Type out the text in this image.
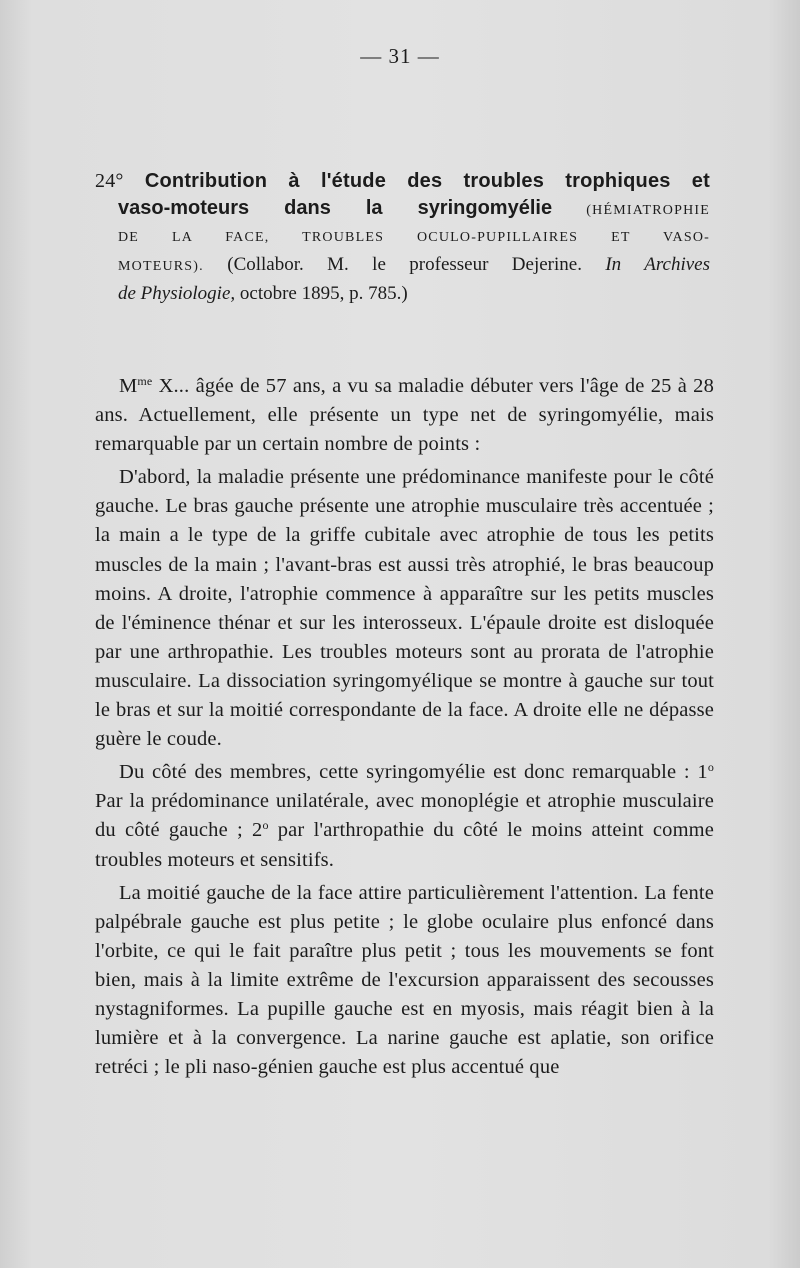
— 31 —
24° Contribution à l'étude des troubles trophiques et
vaso-moteurs dans la syringomyélie (HÉMIATROPHIE
DE LA FACE, TROUBLES OCULO-PUPILLAIRES ET VASO-
MOTEURS). (Collabor. M. le professeur Dejerine. In Archives
de Physiologie, octobre 1895, p. 785.)

$M^{me}$ X... âgée de 57 ans, a vu sa maladie débuter vers l'âge de 25 à 28 ans. Actuellement, elle présente un type net de syringomyélie, mais remarquable par un certain nombre de points :

D'abord, la maladie présente une prédominance manifeste pour le côté gauche. Le bras gauche présente une atrophie musculaire très accentuée ; la main a le type de la griffe cubitale avec atrophie de tous les petits muscles de la main ; l'avant-bras est aussi très atrophié, le bras beaucoup moins. A droite, l'atrophie commence à apparaître sur les petits muscles de l'éminence thénar et sur les interosseux. L'épaule droite est disloquée par une arthropathie. Les troubles moteurs sont au prorata de l'atrophie musculaire. La dissociation syringomyélique se montre à gauche sur tout le bras et sur la moitié correspondante de la face. A droite elle ne dépasse guère le coude.

Du côté des membres, cette syringomyélie est donc remarquable : 1$^o$ Par la prédominance unilatérale, avec monoplégie et atrophie musculaire du côté gauche ; 2$^o$ par l'arthropathie du côté le moins atteint comme troubles moteurs et sensitifs.

La moitié gauche de la face attire particulièrement l'attention. La fente palpébrale gauche est plus petite ; le globe oculaire plus enfoncé dans l'orbite, ce qui le fait paraître plus petit ; tous les mouvements se font bien, mais à la limite extrême de l'excursion apparaissent des secousses nystagniformes. La pupille gauche est en myosis, mais réagit bien à la lumière et à la convergence. La narine gauche est aplatie, son orifice retréci ; le pli naso-génien gauche est plus accentué que
